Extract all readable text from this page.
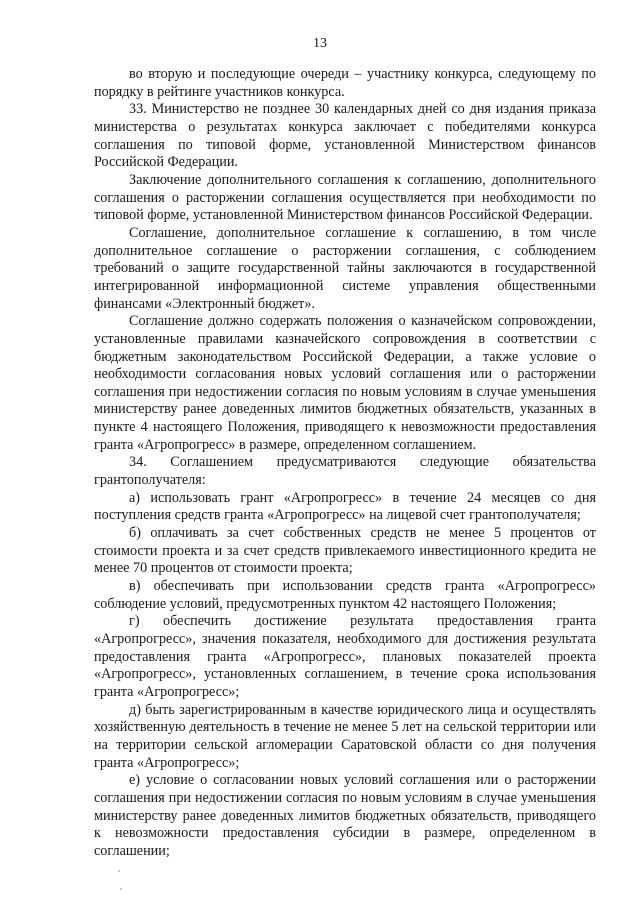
13

во вторую и последующие очереди – участнику конкурса, следующему по порядку в рейтинге участников конкурса.

33. Министерство не позднее 30 календарных дней со дня издания приказа министерства о результатах конкурса заключает с победителями конкурса соглашения по типовой форме, установленной Министерством финансов Российской Федерации.

Заключение дополнительного соглашения к соглашению, дополнительного соглашения о расторжении соглашения осуществляется при необходимости по типовой форме, установленной Министерством финансов Российской Федерации.

Соглашение, дополнительное соглашение к соглашению, в том числе дополнительное соглашение о расторжении соглашения, с соблюдением требований о защите государственной тайны заключаются в государственной интегрированной информационной системе управления общественными финансами «Электронный бюджет».

Соглашение должно содержать положения о казначейском сопровождении, установленные правилами казначейского сопровождения в соответствии с бюджетным законодательством Российской Федерации, а также условие о необходимости согласования новых условий соглашения или о расторжении соглашения при недостижении согласия по новым условиям в случае уменьшения министерству ранее доведенных лимитов бюджетных обязательств, указанных в пункте 4 настоящего Положения, приводящего к невозможности предоставления гранта «Агропрогресс» в размере, определенном соглашением.

34. Соглашением предусматриваются следующие обязательства грантополучателя:

а) использовать грант «Агропрогресс» в течение 24 месяцев со дня поступления средств гранта «Агропрогресс» на лицевой счет грантополучателя;

б) оплачивать за счет собственных средств не менее 5 процентов от стоимости проекта и за счет средств привлекаемого инвестиционного кредита не менее 70 процентов от стоимости проекта;

в) обеспечивать при использовании средств гранта «Агропрогресс» соблюдение условий, предусмотренных пунктом 42 настоящего Положения;

г) обеспечить достижение результата предоставления гранта «Агропрогресс», значения показателя, необходимого для достижения результата предоставления гранта «Агропрогресс», плановых показателей проекта «Агропрогресс», установленных соглашением, в течение срока использования гранта «Агропрогресс»;

д) быть зарегистрированным в качестве юридического лица и осуществлять хозяйственную деятельность в течение не менее 5 лет на сельской территории или на территории сельской агломерации Саратовской области со дня получения гранта «Агропрогресс»;

е) условие о согласовании новых условий соглашения или о расторжении соглашения при недостижении согласия по новым условиям в случае уменьшения министерству ранее доведенных лимитов бюджетных обязательств, приводящего к невозможности предоставления субсидии в размере, определенном в соглашении;
